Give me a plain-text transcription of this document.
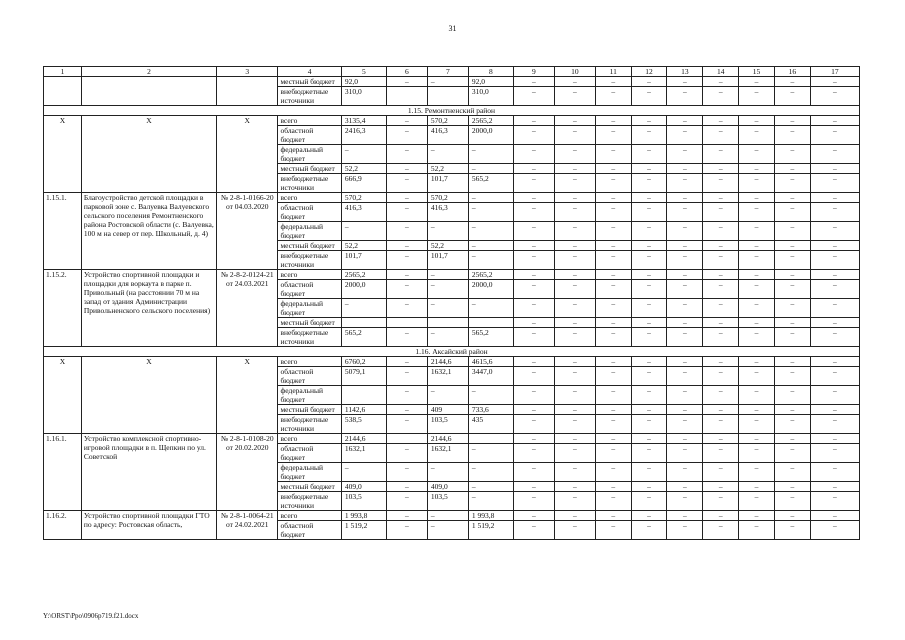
31
1	2	3	4	5	6	7	8	9	10	11	12	13	14	15	16	17
			местный бюджет	92,0	–	–	92,0	–	–	–	–	–	–	–	–	–
			внебюджетные источники	310,0			310,0	–	–	–	–	–	–	–	–	–
1.15. Ремонтненский район																
Х	Х	Х	всего	3135,4	–	570,2	2565,2	–	–	–	–	–	–	–	–	–
			областной бюджет	2416,3	–	416,3	2000,0	–	–	–	–	–	–	–	–	–
			федеральный бюджет	–	–	–	–	–	–	–	–	–	–	–	–	–
			местный бюджет	52,2	–	52,2	–	–	–	–	–	–	–	–	–	–
			внебюджетные источники	666,9	–	101,7	565,2	–	–	–	–	–	–	–	–	–
1.15.1.	Благоустройство детской площадки в парковой зоне с. Валуевка Валуевского сельского поселения Ремонтненского района Ростовской области (с. Валуевка, 100 м на север от пер. Школьный, д. 4)	№ 2-8-1-0166-20 от 04.03.2020	всего	570,2	–	570,2	–	–	–	–	–	–	–	–	–	–
			областной бюджет	416,3	–	416,3	–	–	–	–	–	–	–	–	–	–
			федеральный бюджет	–	–	–	–	–	–	–	–	–	–	–	–	–
			местный бюджет	52,2	–	52,2	–	–	–	–	–	–	–	–	–	–
			внебюджетные источники	101,7	–	101,7	–	–	–	–	–	–	–	–	–	–
1.15.2.	Устройство спортивной площадки и площадки для воркаута в парке п. Привольный (на расстоянии 70 м на запад от здания Администрации Привольненского сельского поселения)	№ 2-8-2-0124-21 от 24.03.2021	всего	2565,2	–	–	2565,2	–	–	–	–	–	–	–	–	–
			областной бюджет	2000,0	–	–	2000,0	–	–	–	–	–	–	–	–	–
			федеральный бюджет	–	–	–	–	–	–	–	–	–	–	–	–	–
			местный бюджет					–	–	–	–	–	–	–	–	–
			внебюджетные источники	565,2	–	–	565,2	–	–	–	–	–	–	–	–	–
1.16. Аксайский район																
Х	Х	Х	всего	6760,2	–	2144,6	4615,6	–	–	–	–	–	–	–	–	–
			областной бюджет	5079,1	–	1632,1	3447,0	–	–	–	–	–	–	–	–	–
			федеральный бюджет		–	–	–	–	–	–	–	–	–	–	–	–
			местный бюджет	1142,6	–	409	733,6	–	–	–	–	–	–	–	–	–
			внебюджетные источники	538,5	–	103,5	435	–	–	–	–	–	–	–	–	–
1.16.1.	Устройство комплексной спортивно-игровой площадки в п. Щепкин по ул. Советской	№ 2-8-1-0108-20 от 20.02.2020	всего	2144,6		2144,6		–	–	–	–	–	–	–	–	–
			областной бюджет	1632,1	–	1632,1	–	–	–	–	–	–	–	–	–	–
			федеральный бюджет	–	–	–	–	–	–	–	–	–	–	–	–	–
			местный бюджет	409,0	–	409,0	–	–	–	–	–	–	–	–	–	–
			внебюджетные источники	103,5	–	103,5	–	–	–	–	–	–	–	–	–	–
1.16.2.	Устройство спортивной площадки ГТО по адресу: Ростовская область,	№ 2-8-1-0064-21 от 24.02.2021	всего	1 993,8	–	–	1 993,8	–	–	–	–	–	–	–	–	–
			областной бюджет	1 519,2	–	–	1 519,2	–	–	–	–	–	–	–	–	–
Y:\ORST\Ppo\0906p719.f21.docx
